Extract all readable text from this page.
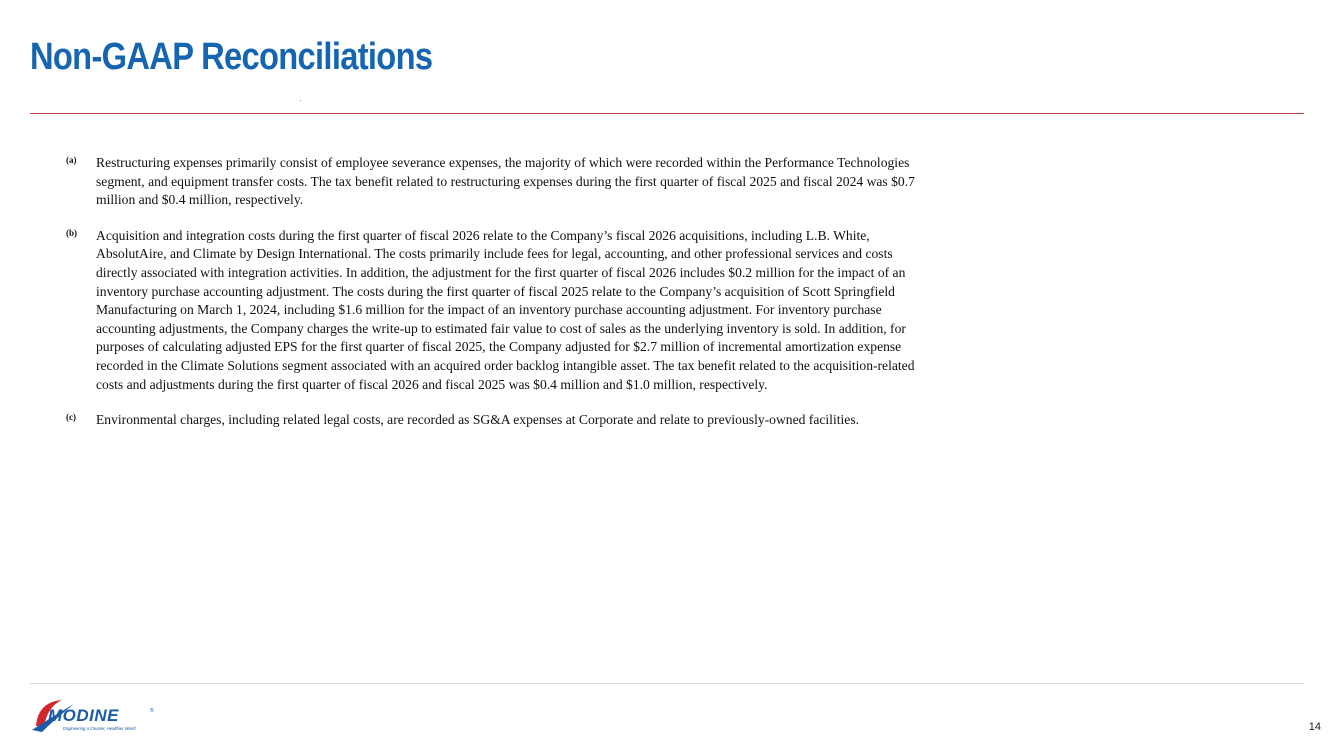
Non-GAAP Reconciliations
(a)	Restructuring expenses primarily consist of employee severance expenses, the majority of which were recorded within the Performance Technologies segment, and equipment transfer costs. The tax benefit related to restructuring expenses during the first quarter of fiscal 2025 and fiscal 2024 was $0.7 million and $0.4 million, respectively.

(b)	Acquisition and integration costs during the first quarter of fiscal 2026 relate to the Company’s fiscal 2026 acquisitions, including L.B. White, AbsolutAire, and Climate by Design International. The costs primarily include fees for legal, accounting, and other professional services and costs directly associated with integration activities. In addition, the adjustment for the first quarter of fiscal 2026 includes $0.2 million for the impact of an inventory purchase accounting adjustment. The costs during the first quarter of fiscal 2025 relate to the Company’s acquisition of Scott Springfield Manufacturing on March 1, 2024, including $1.6 million for the impact of an inventory purchase accounting adjustment. For inventory purchase accounting adjustments, the Company charges the write-up to estimated fair value to cost of sales as the underlying inventory is sold. In addition, for purposes of calculating adjusted EPS for the first quarter of fiscal 2025, the Company adjusted for $2.7 million of incremental amortization expense recorded in the Climate Solutions segment associated with an acquired order backlog intangible asset. The tax benefit related to the acquisition-related costs and adjustments during the first quarter of fiscal 2026 and fiscal 2025 was $0.4 million and $1.0 million, respectively.

(c)	Environmental charges, including related legal costs, are recorded as SG&A expenses at Corporate and relate to previously-owned facilities.

MODINE	®
Engineering a Cleaner, Healthier World	14
